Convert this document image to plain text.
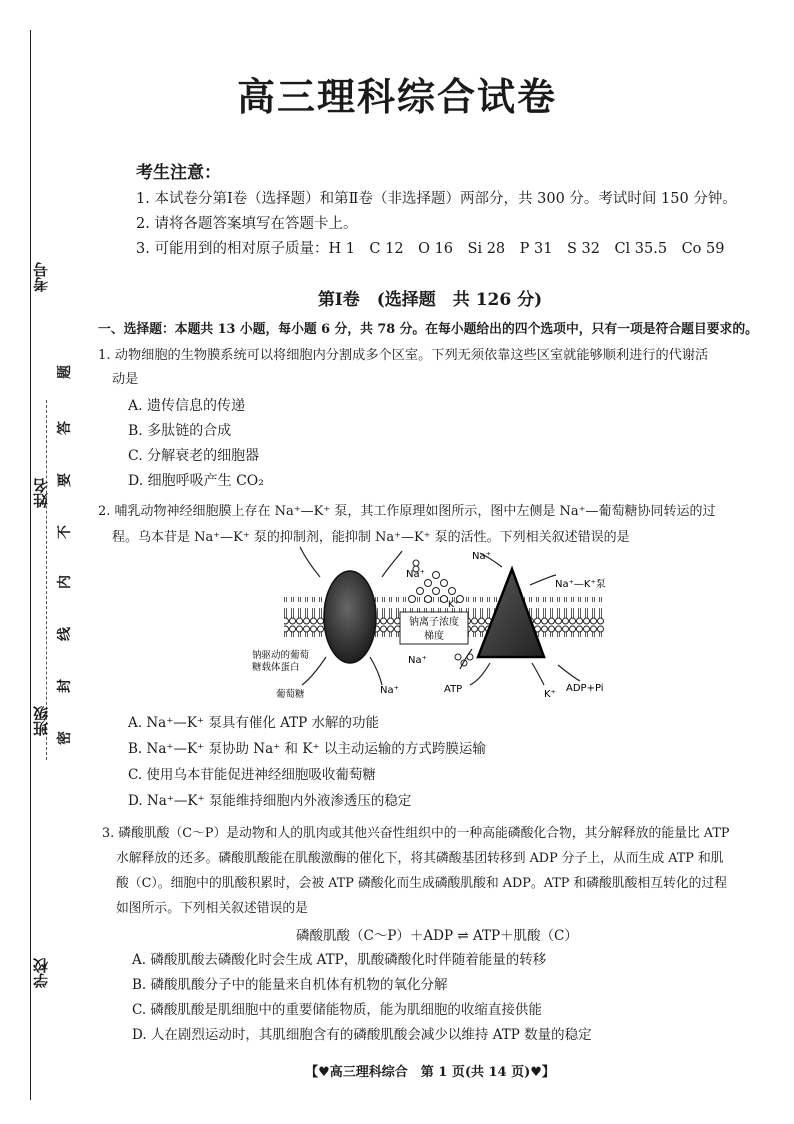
考号
姓名
班级
学校
题
答
要
不
内
线
封
密
高三理科综合试卷
考生注意：
1. 本试卷分第Ⅰ卷（选择题）和第Ⅱ卷（非选择题）两部分，共 300 分。考试时间 150 分钟。
2. 请将各题答案填写在答题卡上。
3. 可能用到的相对原子质量：H 1　C 12　O 16　Si 28　P 31　S 32　Cl 35.5　Co 59
第Ⅰ卷　(选择题　共 126 分)
一、选择题：本题共 13 小题，每小题 6 分，共 78 分。在每小题给出的四个选项中，只有一项是符合题目要求的。
1. 动物细胞的生物膜系统可以将细胞内分割成多个区室。下列无须依靠这些区室就能够顺利进行的代谢活
动是
A. 遗传信息的传递
B. 多肽链的合成
C. 分解衰老的细胞器
D. 细胞呼吸产生 CO₂
2. 哺乳动物神经细胞膜上存在 Na⁺—K⁺ 泵，其工作原理如图所示，图中左侧是 Na⁺—葡萄糖协同转运的过
程。乌本苷是 Na⁺—K⁺ 泵的抑制剂，能抑制 Na⁺—K⁺ 泵的活性。下列相关叙述错误的是
钠离子浓度
梯度
Na⁺
Na⁺
Na⁺—K⁺泵
K⁺
Na⁺
钠驱动的葡萄
糖载体蛋白
葡萄糖	Na⁺	ATP	K⁺
ADP+Pi
A. Na⁺—K⁺ 泵具有催化 ATP 水解的功能
B. Na⁺—K⁺ 泵协助 Na⁺ 和 K⁺ 以主动运输的方式跨膜运输
C. 使用乌本苷能促进神经细胞吸收葡萄糖
D. Na⁺—K⁺ 泵能维持细胞内外液渗透压的稳定
3. 磷酸肌酸（C～P）是动物和人的肌肉或其他兴奋性组织中的一种高能磷酸化合物，其分解释放的能量比 ATP
水解释放的还多。磷酸肌酸能在肌酸激酶的催化下，将其磷酸基团转移到 ADP 分子上，从而生成 ATP 和肌
酸（C）。细胞中的肌酸积累时，会被 ATP 磷酸化而生成磷酸肌酸和 ADP。ATP 和磷酸肌酸相互转化的过程
如图所示。下列相关叙述错误的是
磷酸肌酸（C～P）＋ADP ⇌ ATP＋肌酸（C）
A. 磷酸肌酸去磷酸化时会生成 ATP，肌酸磷酸化时伴随着能量的转移
B. 磷酸肌酸分子中的能量来自机体有机物的氧化分解
C. 磷酸肌酸是肌细胞中的重要储能物质，能为肌细胞的收缩直接供能
D. 人在剧烈运动时，其肌细胞含有的磷酸肌酸会减少以维持 ATP 数量的稳定
【♥高三理科综合　第 1 页(共 14 页)♥】
